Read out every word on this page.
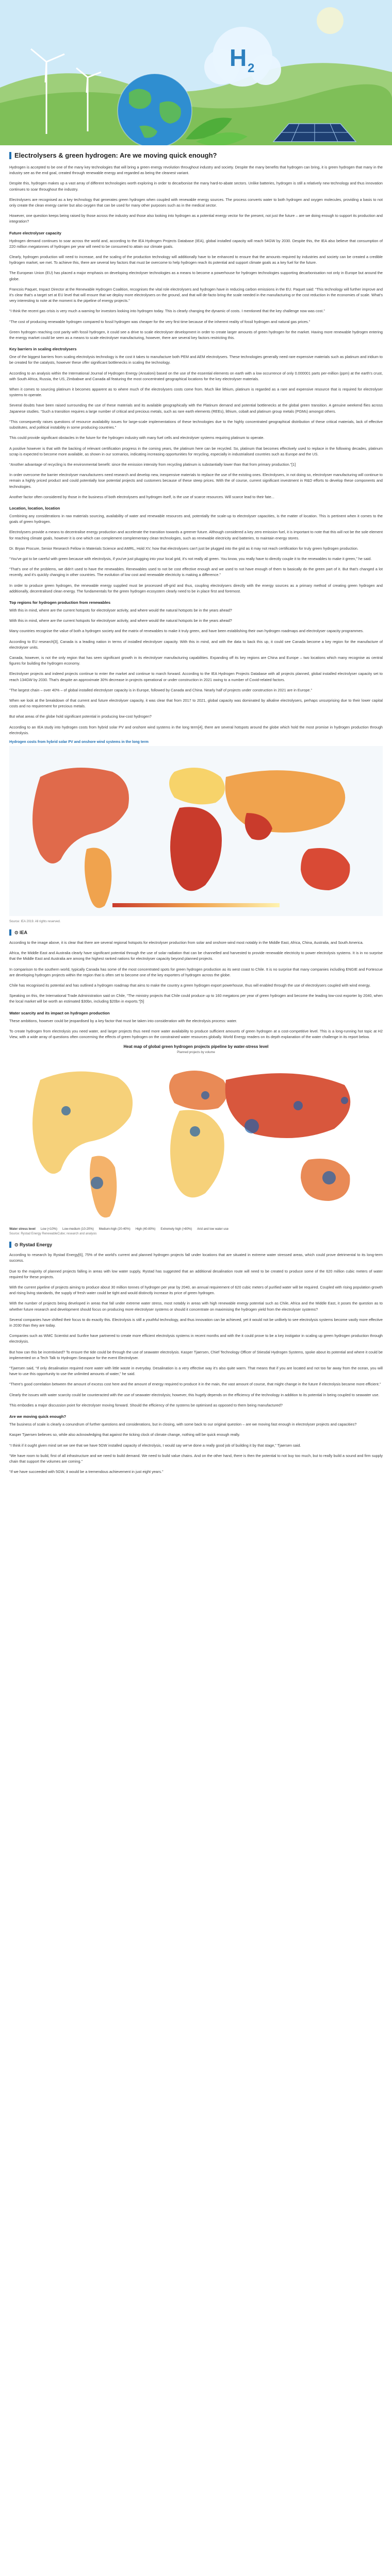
H 2
Electrolysers & green hydrogen: Are we moving quick enough?

Hydrogen is accepted to be one of the many key technologies that will bring a green energy revolution throughout industry and society. Despite the many benefits that hydrogen can bring, it is green hydrogen that many in the industry see as the end goal, created through renewable energy and regarded as being the cleanest variant.

Despite this, hydrogen makes up a vast array of different technologies worth exploring in order to decarbonise the many hard-to-abate sectors. Unlike batteries, hydrogen is still a relatively new technology and thus innovation continues to soar throughout the industry.

Electrolysers are recognised as a key technology that generates green hydrogen when coupled with renewable energy sources. The process converts water to both hydrogen and oxygen molecules, providing a basis to not only create the clean energy carrier but also oxygen that can be used for many other purposes such as in the medical sector.

However, one question keeps being raised by those across the industry and those also looking into hydrogen as a potential energy vector for the present, not just the future – are we doing enough to support its production and integration?

Future electrolyser capacity

Hydrogen demand continues to soar across the world and, according to the IEA Hydrogen Projects Database (IEA), global installed capacity will reach 54GW by 2030. Despite this, the IEA also believe that consumption of 220 million megatonnes of hydrogen per year will need to be consumed to attain our climate goals.

Clearly, hydrogen production will need to increase, and the scaling of the production technology will additionally have to be enhanced to ensure that the amounts required by industries and society can be created a credible hydrogen market, we met. To achieve this, there are several key factors that must be overcome to help hydrogen reach its potential and support climate goals as a key fuel for the future.

The European Union (EU) has placed a major emphasis on developing electrolyser technologies as a means to become a powerhouse for hydrogen technologies supporting decarbonisation not only in Europe but around the globe.

Francois Paquet, Impact Director at the Renewable Hydrogen Coalition, recognises the vital role electrolysers and hydrogen have in reducing carbon emissions in the EU. Paquet said: “This technology will further improve and it's clear that's a target set at EU level that will ensure that we deploy more electrolysers on the ground, and that will de-facto bring the scale needed in the manufacturing or the cost reduction in the economies of scale. What's very interesting to note at the moment is the pipeline of energy projects.”

“I think the recent gas crisis is very much a warning for investors looking into hydrogen today. This is clearly changing the dynamic of costs. I mentioned that the key challenge now was cost.”

“The cost of producing renewable hydrogen compared to fossil hydrogen was cheaper for the very first time because of the inherent reality of fossil hydrogen and natural gas prices.”

Green hydrogen reaching cost parity with fossil hydrogen, it could see a drive to scale electrolyser development in order to create larger amounts of green hydrogen for the market. Having more renewable hydrogen entering the energy market could be seen as a means to scale electrolyser manufacturing, however, there are several key factors restricting this.

Key barriers in scaling electrolysers

One of the biggest barriers from scaling electrolysis technology is the cost it takes to manufacture both PEM and AEM electrolysers. These technologies generally need rare expensive materials such as platinum and iridium to be created for the catalysts, however these offer significant bottlenecks in scaling the technology.

According to an analysis within the International Journal of Hydrogen Energy (Ansaloni) based on the use of the essential elements on earth with a low occurrence of only 0.000001 parts per-million (ppm) at the earth's crust, with South Africa, Russia, the US, Zimbabwe and Canada all featuring the most concentrated geographical locations for the key electrolyser materials.

When it comes to sourcing platinum it becomes apparent as to where much of the electrolysers costs come from. Much like lithium, platinum is regarded as a rare and expensive resource that is required for electrolyser systems to operate.

Several doubts have been raised surrounding the use of these materials and its available geographically with the Platinum demand and potential bottlenecks at the global green transition. A genuine weekend flies across Japanese studies. “Such a transition requires a large number of critical and precious metals, such as rare earth elements (REEs), lithium, cobalt and platinum group metals (PGMs) amongst others.

“This consequently raises questions of resource availability issues for large-scale implementations of these technologies due to the highly concentrated geographical distribution of these critical materials, lack of effective substitutes, and political instability in some producing countries.”

This could provide significant obstacles in the future for the hydrogen industry with many fuel cells and electrolyser systems requiring platinum to operate.

A positive however is that with the backing of relevant certification progress in the coming years, the platinum here can be recycled. So, platinum that becomes effectively used to replace in the following decades, platinum scrap is expected to become more available, as shown in our scenarios, indicating increasing opportunities for recycling, especially in industrialised countries such as Europe and the US.

“Another advantage of recycling is the environmental benefit: since the emission intensity from recycling platinum is substantially lower than that from primary production.”[1]

In order overcome the barrier electrolyser manufacturers need research and develop new, inexpensive materials to replace the use of the existing ones. Electrolysers, in not doing so, electrolyser manufacturing will continue to remain a highly priced product and could potentially lose potential projects and customers because of these steep prices. With the of course, current significant investment in R&D efforts to develop these components and technologies.

Another factor often considered by those in the business of both electrolysers and hydrogen itself, is the use of scarce resources. Will scarce lead to their fate...

Location, location, location

Combining any considerations in raw materials sourcing, availability of water and renewable resources and, potentially the scale-up to electrolyser capacities, is the matter of location. This is pertinent when it comes to the goals of green hydrogen.

Electrolysers provide a means to decentralise energy production and accelerate the transition towards a greener future. Although considered a key zero emission fuel, it is important to note that this will not be the sole element for reaching climate goals, however it is one which can complement complementary clean technologies, such as renewable electricity and batteries, to maintain energy stores.

Dr. Bryan Procure, Senior Research Fellow in Materials Science and AMRL, Hold XV, how that electrolysers can't just be plugged into the grid as it may not reach certification for truly green hydrogen production.

“You've got to be careful with green because with electrolysis, if you've just plugging into your local grid, it's not really all green. You know, you really have to directly couple it to the renewables to make it green,” he said.

“That's one of the problems, we didn't used to have the renewables. Renewables used to not be cost effective enough and we used to not have enough of them to basically do the green part of it. But that's changed a lot recently, and it's quickly changing in other countries. The evolution of low cost and renewable electricity is making a difference.”

In order to produce green hydrogen, the renewable energy supplied must be processed off-grid and thus, coupling electrolysers directly with the energy sources as a primary method of creating green hydrogen and additionally, decentralised clean energy. The fundamentals for the green hydrogen ecosystem clearly need to be in place first and foremost.

Top regions for hydrogen production from renewables

With this in mind, where are the current hotspots for electrolyser activity, and where would the natural hotspots be in the years ahead?

With this in mind, where are the current hotspots for electrolyser activity, and where would the natural hotspots be in the years ahead?

Many countries recognise the value of both a hydrogen society and the matrix of renewables to make it truly green, and have been establishing their own hydrogen roadmaps and electrolyser capacity programmes.

According to EU research[3], Canada is a leading nation in terms of installed electrolyser capacity. With this in mind, and with the data to back this up, it could see Canada become a key region for the manufacture of electrolyser units.

Canada, however, is not the only region that has seen significant growth in its electrolyser manufacturing capabilities. Expanding off its key regions are China and Europe – two locations which many recognise as central figures for building the hydrogen economy.

Electrolyser projects and indeed projects continue to enter the market and continue to march forward. According to the IEA Hydrogen Projects Database with all projects planned, global installed electrolyser capacity set to reach 134GW by 2030. That's despite an approximate 30% decrease in projects operational or under construction in 2021 owing to a number of Covid-related factors.

“The largest chain – over 40% – of global installed electrolyser capacity is in Europe, followed by Canada and China. Nearly half of projects under construction in 2021 are in Europe.”

When we look at the breakdown of that current and future electrolyser capacity, it was clear that from 2017 to 2021, global capacity was dominated by alkaline electrolysers, perhaps unsurprising due to their lower capital costs and no requirement for precious metals.

But what areas of the globe hold significant potential in producing low-cost hydrogen?

According to an IEA study into hydrogen costs from hybrid solar PV and onshore wind systems in the long term[4], there are several hotspots around the globe which hold the most promise in hydrogen production through electrolysis.

Hydrogen costs from hybrid solar PV and onshore wind systems in the long term
Source: IEA 2019. All rights reserved.
⊙ IEA

According to the image above, it is clear that there are several regional hotspots for electrolyser production from solar and onshore wind most notably in the Middle East, Africa, China, Australia, and South America.

Africa, the Middle East and Australia clearly have significant potential through the use of solar radiation that can be channelled and harvested to provide renewable electricity to power electrolysis systems. It is in no surprise that the Middle East and Australia are among the highest ranked nations for electrolyser capacity beyond planned projects.

In comparison to the southern world, typically Canada has some of the most concentrated spots for green hydrogen production as its west coast to Chile. It is no surprise that many companies including ENGIE and Fortescue are developing hydrogen projects within the region that is often set to become one of the key exporters of hydrogen across the globe.

Chile has recognised its potential and has outlined a hydrogen roadmap that aims to make the country a green hydrogen export powerhouse, thus will enabled through the use of electrolysers coupled with wind energy.

Speaking on this, the International Trade Administration said on Chile, “The ministry projects that Chile could produce up to 160 megatons per year of green hydrogen and become the leading low-cost exporter by 2040, when the local market will be worth an estimated $30bn, including $20bn in exports.”[5]

Water scarcity and its impact on hydrogen production

These ambitions, however could be jeopardised by a key factor that must be taken into consideration with the electrolysis process: water.

To create hydrogen from electrolysis you need water, and larger projects thus need more water availability to produce sufficient amounts of green hydrogen at a cost-competitive level. This is a long-running hot topic at H2 View, with a wide array of questions often concerning the effects of green hydrogen on the constrained water resources globally. World Energy readers on its depth explanation of the water challenge in its report below.

Heat map of global green hydrogen projects pipeline by water-stress level
Planned projects by volume
Water stress level Low (<10%) Low-medium (10-20%) Medium-high (20-40%) High (40-80%) Extremely high (>80%) Arid and low water use
Source: Rystad Energy RenewableCube; research and analysis
⊙ Rystad Energy

According to research by Rystad Energy[6], 75% of the world's current and planned hydrogen projects fall under locations that are situated in extreme water stressed areas, which could prove detrimental to its long-term success.

Due to the majority of planned projects falling in areas with low water supply, Rystad has suggested that an additional desalination route will need to be created to produce some of the 620 million cubic meters of water required for these projects.

With the current pipeline of projects aiming to produce about 30 million tonnes of hydrogen per year by 2040, an annual requirement of 620 cubic meters of purified water will be required. Coupled with rising population growth and rising living standards, the supply of fresh water could be tight and would distinctly increase its price of green hydrogen.

With the number of projects being developed in areas that fall under extreme water stress, most notably in areas with high renewable energy potential such as Chile, Africa and the Middle East, it poses the question as to whether future research and development should focus on producing more electrolyser systems or should it concentrate on maximising the hydrogen yield from the electrolyser systems?

Several companies have shifted their focus to do exactly this. Electrolysis is still a youthful technology, and thus innovation can be achieved, yet it would not be unlikely to see electrolysis systems become vastly more effective in 2030 than they are today.

Companies such as WMC Scientist and Sunfire have partnered to create more efficient electrolysis systems in recent months and with the it could prove to be a key instigator in scaling up green hydrogen production through electrolysis.

But how can this be incentivised? To ensure the tide could be through the use of seawater electrolysis. Kasper Tjaersen, Chief Technology Officer of Stiesdal Hydrogen Systems, spoke about its potential and where it could be implemented on a Tech Talk to Hydrogen Seaspace for the event Electrolyser.

“Tjaersen said, “If only desalination required more water with little waste in everyday. Desalination is a very effective way it's also quite warm. That means that if you are located and not too far away from the ocean, you will have to use this opportunity to use the unlimited amounts of water,” he said.

“There's good correlation between the amount of excess cost here and the amount of energy required to produce it in the main, the vast amount of course, that might change in the future if electrolysis became more efficient.”

Clearly the issues with water scarcity could be counteracted with the use of seawater electrolysis; however, this hugely depends on the efficiency of the technology in addition to its potential in being coupled to seawater use.

This embodies a major discussion point for electrolyser moving forward. Should the efficiency of the systems be optimised as opposed to them being manufactured?

Are we moving quick enough?

The business of scale is clearly a conundrum of further questions and considerations, but in closing, with some back to our original question – are we moving fast enough in electrolyser projects and capacities?

Kasper Tjaersen believes so, while also acknowledging that against the ticking clock of climate change, nothing will be quick enough really.

“I think if it ought given mind set we see that we have 5GW installed capacity of electrolysis, I would say we've done a really good job of building it by that stage,” Tjaersen said.

“We have room to build, first of all infrastructure and we need to build demand. We need to build value chains. And on the other hand, there is then the potential to not buy too much, but to really build a sound and firm supply chain that support the volumes are coming.”

“If we have succeeded with 5GW, it would be a tremendous achievement in just eight years.”
